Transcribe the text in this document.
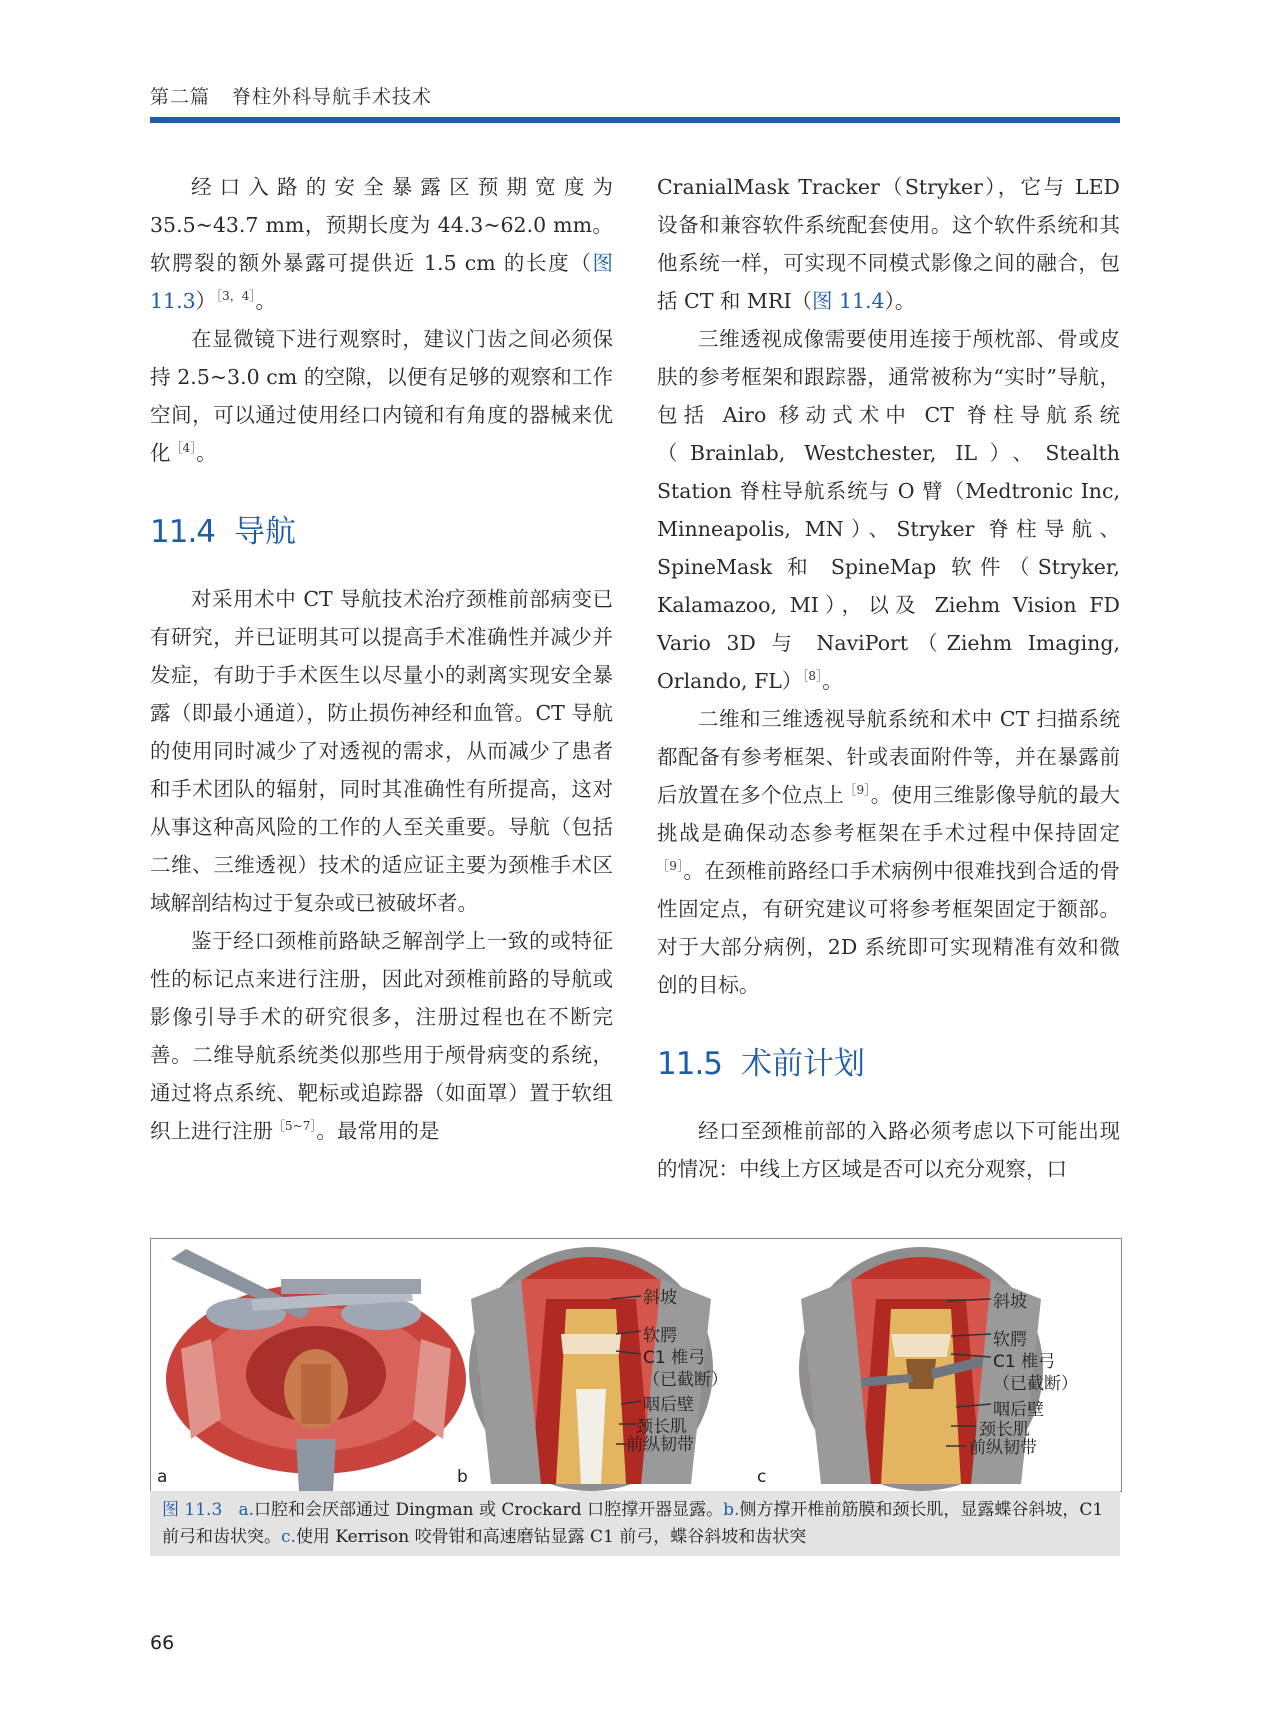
第二篇 脊柱外科导航手术技术

经口入路的安全暴露区预期宽度为 35.5~43.7 mm，预期长度为 44.3~62.0 mm。软腭裂的额外暴露可提供近 1.5 cm 的长度（图 11.3）$^{[3,4]}$。

在显微镜下进行观察时，建议门齿之间必须保持 2.5~3.0 cm 的空隙，以便有足够的观察和工作空间，可以通过使用经口内镜和有角度的器械来优化$^{[4]}$。

11.4 导航

对采用术中 CT 导航技术治疗颈椎前部病变已有研究，并已证明其可以提高手术准确性并减少并发症，有助于手术医生以尽量小的剥离实现安全暴露（即最小通道），防止损伤神经和血管。CT 导航的使用同时减少了对透视的需求，从而减少了患者和手术团队的辐射，同时其准确性有所提高，这对从事这种高风险的工作的人至关重要。导航（包括二维、三维透视）技术的适应证主要为颈椎手术区域解剖结构过于复杂或已被破坏者。

鉴于经口颈椎前路缺乏解剖学上一致的或特征性的标记点来进行注册，因此对颈椎前路的导航或影像引导手术的研究很多，注册过程也在不断完善。二维导航系统类似那些用于颅骨病变的系统，通过将点系统、靶标或追踪器（如面罩）置于软组织上进行注册$^{[5\sim 7]}$。最常用的是

CranialMask Tracker（Stryker），它与 LED 设备和兼容软件系统配套使用。这个软件系统和其他系统一样，可实现不同模式影像之间的融合，包括 CT 和 MRI（图 11.4）。

三维透视成像需要使用连接于颅枕部、骨或皮肤的参考框架和跟踪器，通常被称为“实时”导航，包括 Airo 移动式术中 CT 脊柱导航系统（Brainlab, Westchester, IL）、Stealth Station 脊柱导航系统与 O 臂（Medtronic Inc, Minneapolis, MN）、Stryker 脊柱导航、SpineMask 和 SpineMap 软件（Stryker, Kalamazoo, MI），以及 Ziehm Vision FD Vario 3D 与 NaviPort（Ziehm Imaging, Orlando, FL）$^{[8]}$。

二维和三维透视导航系统和术中 CT 扫描系统都配备有参考框架、针或表面附件等，并在暴露前后放置在多个位点上$^{[9]}$。使用三维影像导航的最大挑战是确保动态参考框架在手术过程中保持固定$^{[9]}$。在颈椎前路经口手术病例中很难找到合适的骨性固定点，有研究建议可将参考框架固定于额部。对于大部分病例，2D 系统即可实现精准有效和微创的目标。

11.5 术前计划

经口至颈椎前部的入路必须考虑以下可能出现的情况：中线上方区域是否可以充分观察，口

a
斜坡
软腭
C1 椎弓
（已截断）
咽后壁
颈长肌
前纵韧带
b
斜坡
软腭
C1 椎弓
（已截断）
咽后壁
颈长肌
前纵韧带
c
图 11.3 a.口腔和会厌部通过 Dingman 或 Crockard 口腔撑开器显露。b.侧方撑开椎前筋膜和颈长肌，显露蝶谷斜坡，C1 前弓和齿状突。c.使用 Kerrison 咬骨钳和高速磨钻显露 C1 前弓，蝶谷斜坡和齿状突
66
